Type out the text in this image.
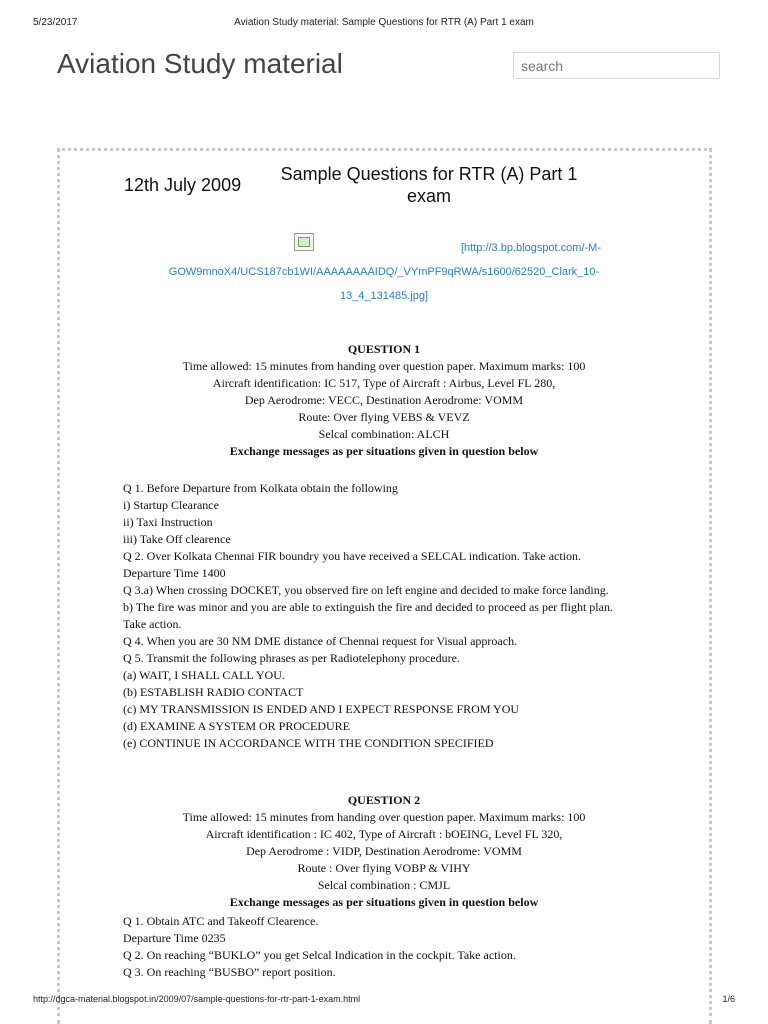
5/23/2017	Aviation Study material: Sample Questions for RTR (A) Part 1 exam
Aviation Study material
search
12th July 2009
Sample Questions for RTR (A) Part 1 exam
[http://3.bp.blogspot.com/-M-
GOW9mnoX4/UCS187cb1WI/AAAAAAAAIDQ/_VYmPF9qRWA/s1600/62520_Clark_10-
13_4_131485.jpg]
QUESTION 1
Time allowed: 15 minutes from handing over question paper. Maximum marks: 100
Aircraft identification: IC 517, Type of Aircraft : Airbus, Level FL 280,
Dep Aerodrome: VECC, Destination Aerodrome: VOMM
Route: Over flying VEBS & VEVZ
Selcal combination: ALCH
Exchange messages as per situations given in question below
Q 1. Before Departure from Kolkata obtain the following
i) Startup Clearance
ii) Taxi Instruction
iii) Take Off clearence
Q 2. Over Kolkata Chennai FIR boundry you have received a SELCAL indication. Take action.
Departure Time 1400
Q 3.a) When crossing DOCKET, you observed fire on left engine and decided to make force landing.
b) The fire was minor and you are able to extinguish the fire and decided to proceed as per flight plan. Take action.
Q 4. When you are 30 NM DME distance of Chennai request for Visual approach.
Q 5. Transmit the following phrases as per Radiotelephony procedure.
(a) WAIT, I SHALL CALL YOU.
(b) ESTABLISH RADIO CONTACT
(c) MY TRANSMISSION IS ENDED AND I EXPECT RESPONSE FROM YOU
(d) EXAMINE A SYSTEM OR PROCEDURE
(e) CONTINUE IN ACCORDANCE WITH THE CONDITION SPECIFIED
QUESTION 2
Time allowed: 15 minutes from handing over question paper. Maximum marks: 100
Aircraft identification : IC 402, Type of Aircraft : bOEING, Level FL 320,
Dep Aerodrome : VIDP, Destination Aerodrome: VOMM
Route : Over flying VOBP & VIHY
Selcal combination : CMJL
Exchange messages as per situations given in question below
Q 1. Obtain ATC and Takeoff Clearence.
Departure Time 0235
Q 2. On reaching “BUKLO” you get Selcal Indication in the cockpit. Take action.
Q 3. On reaching “BUSBO” report position.
http://dgca-material.blogspot.in/2009/07/sample-questions-for-rtr-part-1-exam.html	1/6
